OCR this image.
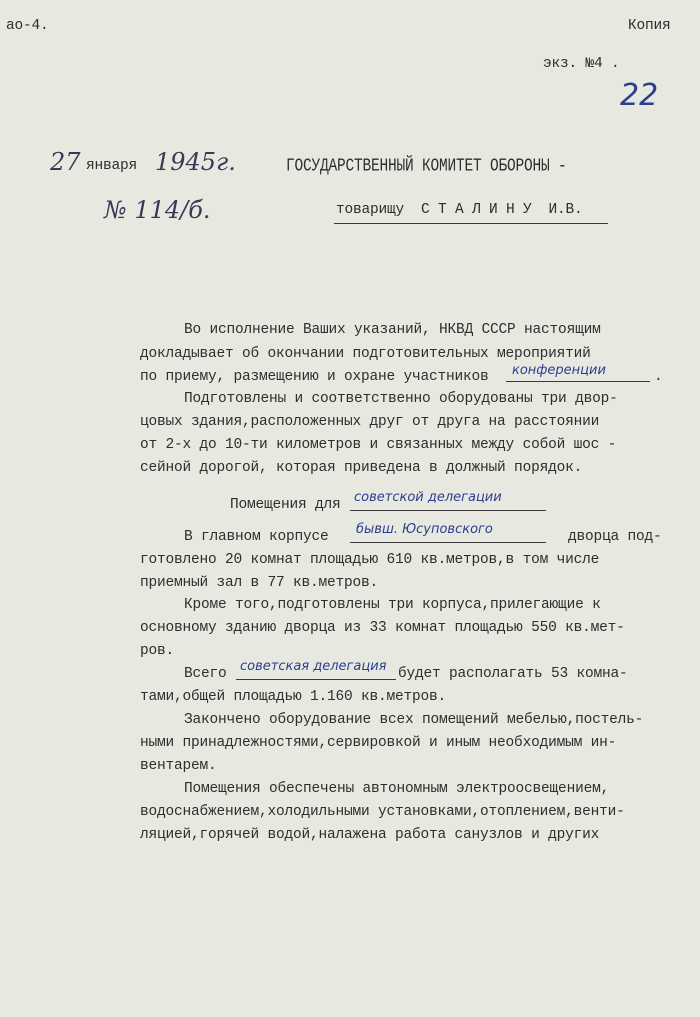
ао-4.	Копия
экз. №4 .
22
27 января 1945г.
№ 114/б.
ГОСУДАРСТВЕННЫЙ КОМИТЕТ ОБОРОНЫ -
товарищу  С Т А Л И Н У  И.В.
Во исполнение Ваших указаний, НКВД СССР настоящим
докладывает об окончании подготовительных мероприятий
по приему, размещению и охране участников конференции	.
Подготовлены и соответственно оборудованы три двор-
цовых здания,расположенных друг от друга на расстоянии
от 2-х до 10-ти километров и связанных между собой шос -
сейной дорогой, которая приведена в должный порядок.
Помещения для советской делегации
В главном корпусе бывш. Юсуповского	дворца под-
готовлено 20 комнат площадью 610 кв.метров,в том числе
приемный зал в 77 кв.метров.
Кроме того,подготовлены три корпуса,прилегающие к
основному зданию дворца из 33 комнат площадью 550 кв.мет-
ров.
Всего советская делегация будет располагать 53 комна-
тами,общей площадью 1.160 кв.метров.
Закончено оборудование всех помещений мебелью,постель-
ными принадлежностями,сервировкой и иным необходимым ин-
вентарем.
Помещения обеспечены автономным электроосвещением,
водоснабжением,холодильными установками,отоплением,венти-
ляцией,горячей водой,налажена работа санузлов и других
